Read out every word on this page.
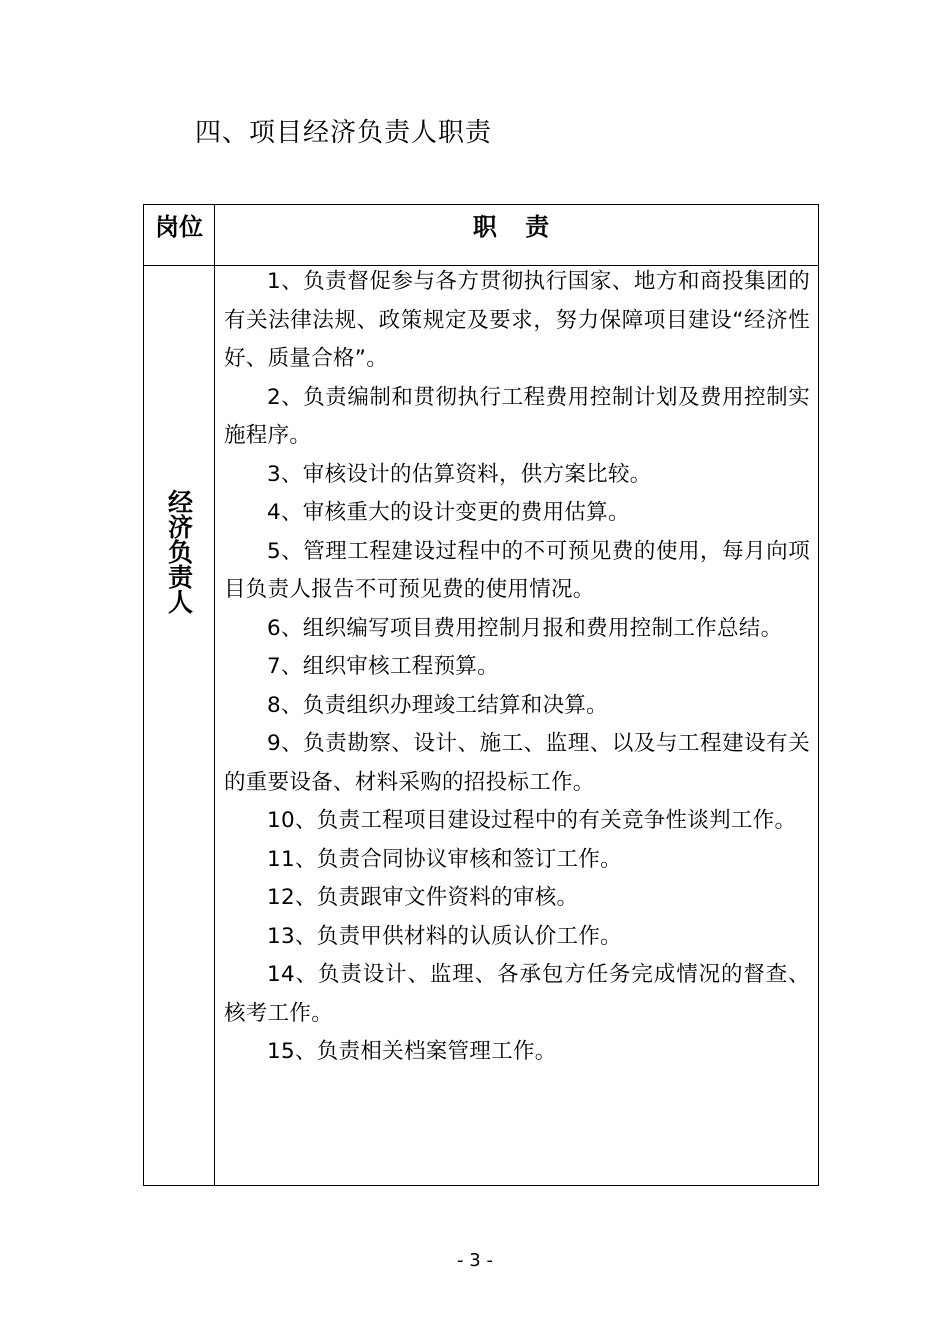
四、项目经济负责人职责
岗位	职 责
经济负责人
1、负责督促参与各方贯彻执行国家、地方和商投集团的有关法律法规、政策规定及要求，努力保障项目建设“经济性好、质量合格”。
2、负责编制和贯彻执行工程费用控制计划及费用控制实施程序。
3、审核设计的估算资料，供方案比较。
4、审核重大的设计变更的费用估算。
5、管理工程建设过程中的不可预见费的使用，每月向项目负责人报告不可预见费的使用情况。
6、组织编写项目费用控制月报和费用控制工作总结。
7、组织审核工程预算。
8、负责组织办理竣工结算和决算。
9、负责勘察、设计、施工、监理、以及与工程建设有关的重要设备、材料采购的招投标工作。
10、负责工程项目建设过程中的有关竞争性谈判工作。
11、负责合同协议审核和签订工作。
12、负责跟审文件资料的审核。
13、负责甲供材料的认质认价工作。
14、负责设计、监理、各承包方任务完成情况的督查、核考工作。
15、负责相关档案管理工作。
- 3 -
